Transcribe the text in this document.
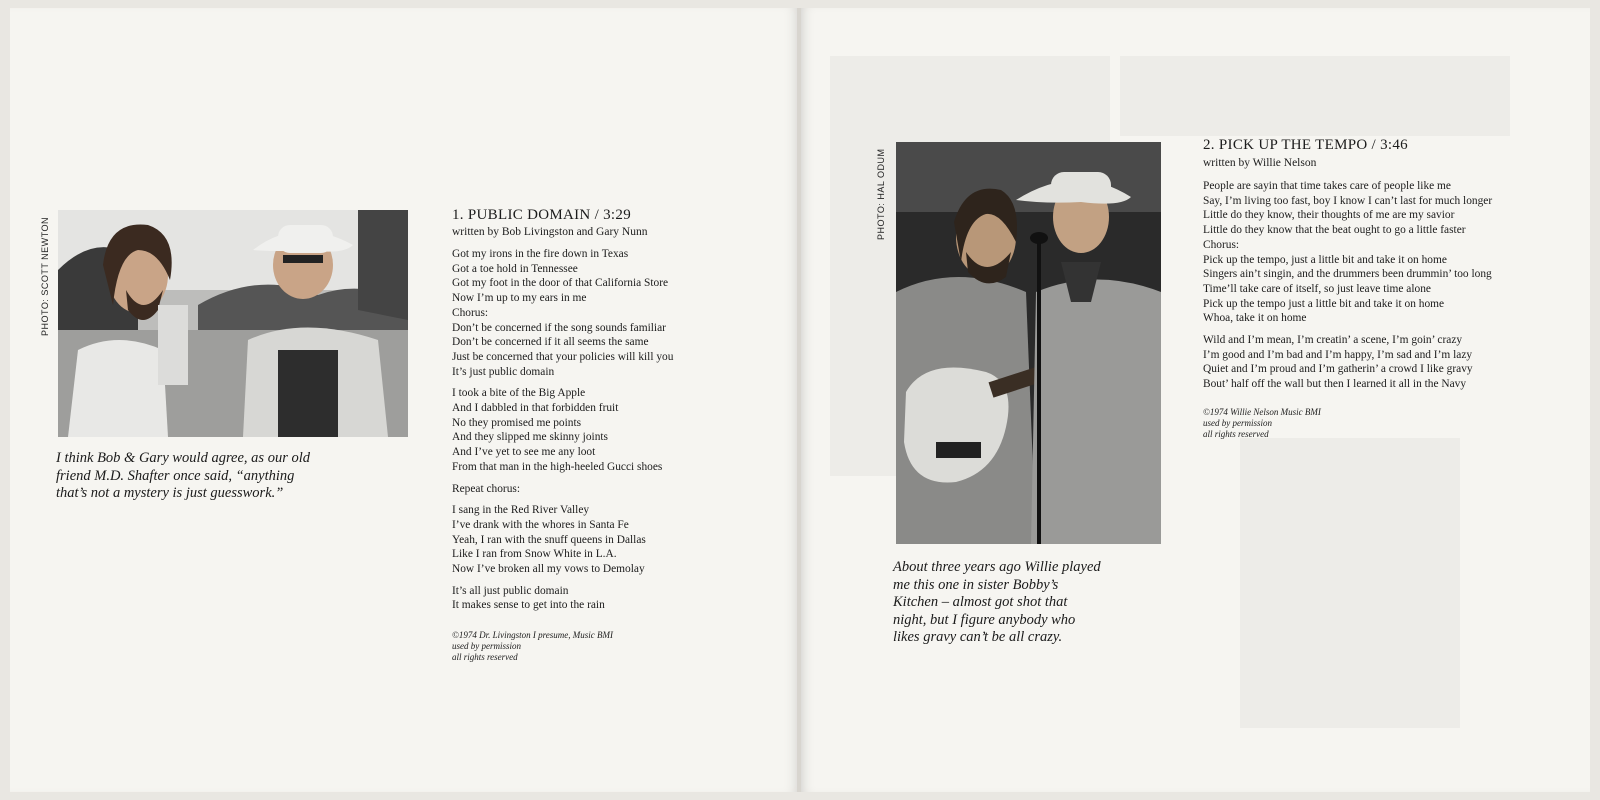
PHOTO: SCOTT NEWTON
I think Bob & Gary would agree, as our old
friend M.D. Shafter once said, “anything
that’s not a mystery is just guesswork.”
1. PUBLIC DOMAIN / 3:29
written by Bob Livingston and Gary Nunn
Got my irons in the fire down in Texas
Got a toe hold in Tennessee
Got my foot in the door of that California Store
Now I’m up to my ears in me
Chorus:
Don’t be concerned if the song sounds familiar
Don’t be concerned if it all seems the same
Just be concerned that your policies will kill you
It’s just public domain
I took a bite of the Big Apple
And I dabbled in that forbidden fruit
No they promised me points
And they slipped me skinny joints
And I’ve yet to see me any loot
From that man in the high-heeled Gucci shoes
Repeat chorus:
I sang in the Red River Valley
I’ve drank with the whores in Santa Fe
Yeah, I ran with the snuff queens in Dallas
Like I ran from Snow White in L.A.
Now I’ve broken all my vows to Demolay
It’s all just public domain
It makes sense to get into the rain
©1974 Dr. Livingston I presume, Music BMI
used by permission
all rights reserved
PHOTO: HAL ODUM
About three years ago Willie played
me this one in sister Bobby’s
Kitchen – almost got shot that
night, but I figure anybody who
likes gravy can’t be all crazy.
2. PICK UP THE TEMPO / 3:46
written by Willie Nelson
People are sayin that time takes care of people like me
Say, I’m living too fast, boy I know I can’t last for much longer
Little do they know, their thoughts of me are my savior
Little do they know that the beat ought to go a little faster
Chorus:
Pick up the tempo, just a little bit and take it on home
Singers ain’t singin, and the drummers been drummin’ too long
Time’ll take care of itself, so just leave time alone
Pick up the tempo just a little bit and take it on home
Whoa, take it on home
Wild and I’m mean, I’m creatin’ a scene, I’m goin’ crazy
I’m good and I’m bad and I’m happy, I’m sad and I’m lazy
Quiet and I’m proud and I’m gatherin’ a crowd I like gravy
Bout’ half off the wall but then I learned it all in the Navy
©1974 Willie Nelson Music BMI
used by permission
all rights reserved
